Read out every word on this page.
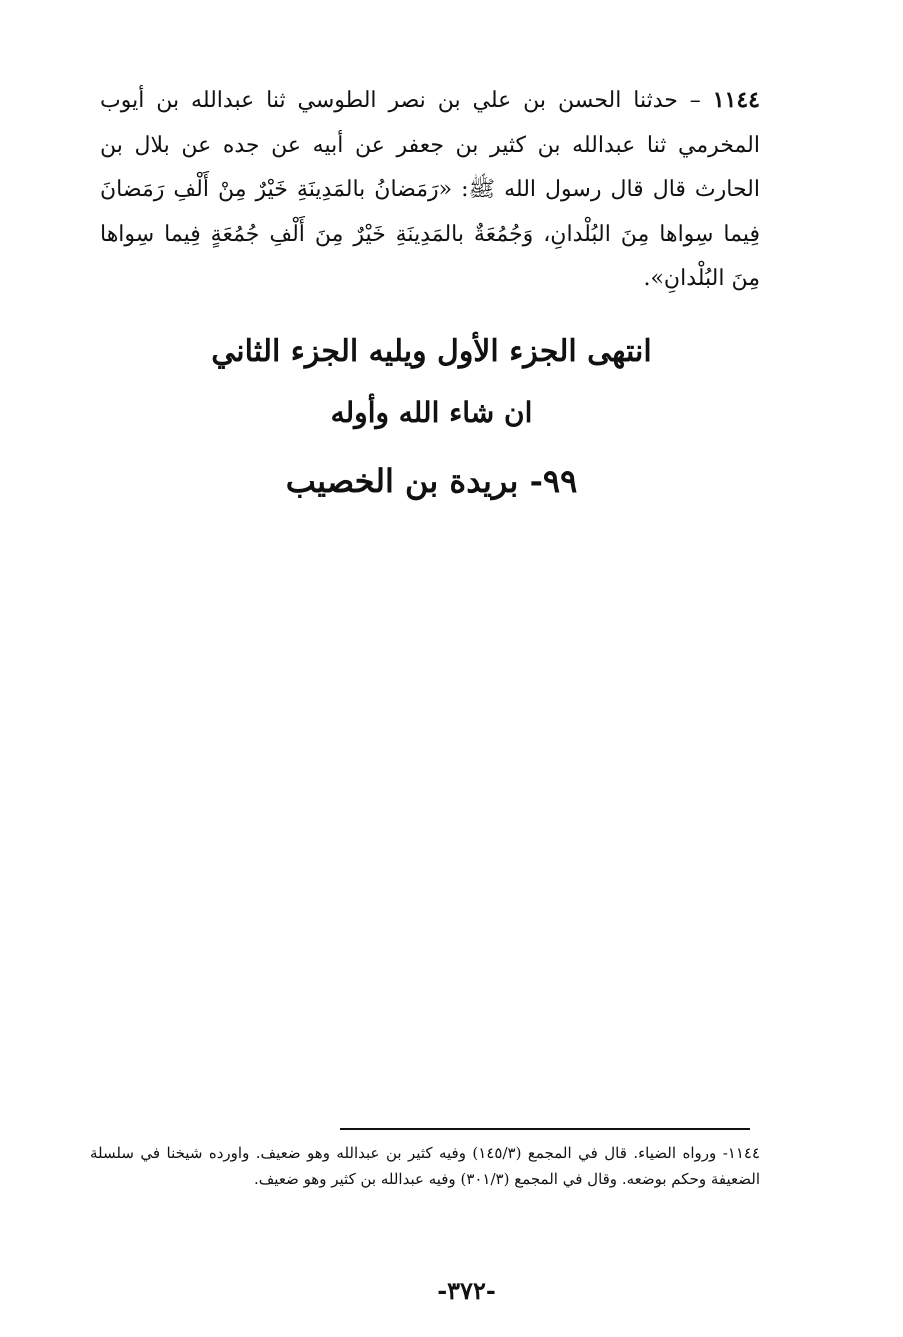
١١٤٤ – حدثنا الحسن بن علي بن نصر الطوسي ثنا عبدالله بن أيوب المخرمي ثنا عبدالله بن كثير بن جعفر عن أبيه عن جده عن بلال بن الحارث قال قال رسول الله ﷺ: «رَمَضانُ بالمَدِينَةِ خَيْرٌ مِنْ أَلْفِ رَمَضانَ فِيما سِواها مِنَ البُلْدانِ، وَجُمُعَةٌ بالمَدِينَةِ خَيْرٌ مِنَ أَلْفِ جُمُعَةٍ فِيما سِواها مِنَ البُلْدانِ».

انتهى الجزء الأول ويليه الجزء الثاني

ان شاء الله وأوله

٩٩- بريدة بن الخصيب

١١٤٤- ورواه الضياء. قال في المجمع (١٤٥/٣) وفيه كثير بن عبدالله وهو ضعيف. واورده شيخنا في سلسلة الضعيفة وحكم بوضعه. وقال في المجمع (٣٠١/٣) وفيه عبدالله بن كثير وهو ضعيف.

-٣٧٢-
